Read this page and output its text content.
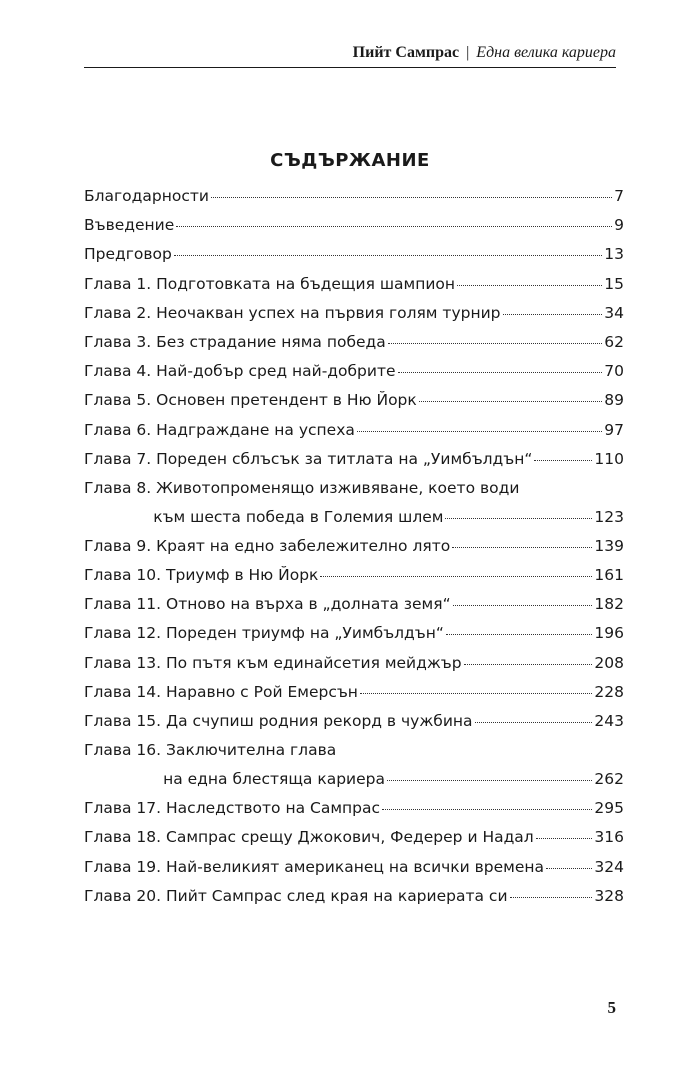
Пийт Сампрас | Една велика кариера
СЪДЪРЖАНИЕ
Благодарности	7
Въведение	9
Предговор	13
Глава 1. Подготовката на бъдещия шампион	15
Глава 2. Неочакван успех на първия голям турнир	34
Глава 3. Без страдание няма победа	62
Глава 4. Най-добър сред най-добрите	70
Глава 5. Основен претендент в Ню Йорк	89
Глава 6. Надграждане на успеха	97
Глава 7. Пореден сблъсък за титлата на „Уимбълдън“	110
Глава 8. Животопроменящо изживяване, което води
към шеста победа в Големия шлем	123
Глава 9. Краят на едно забележително лято	139
Глава 10. Триумф в Ню Йорк	161
Глава 11. Отново на върха в „долната земя“	182
Глава 12. Пореден триумф на „Уимбълдън“	196
Глава 13. По пътя към единайсетия мейджър	208
Глава 14. Наравно с Рой Емерсън	228
Глава 15. Да счупиш родния рекорд в чужбина	243
Глава 16. Заключителна глава
на една блестяща кариера	262
Глава 17. Наследството на Сампрас	295
Глава 18. Сампрас срещу Джокович, Федерер и Надал	316
Глава 19. Най-великият американец на всички времена	324
Глава 20. Пийт Сампрас след края на кариерата си	328
5
